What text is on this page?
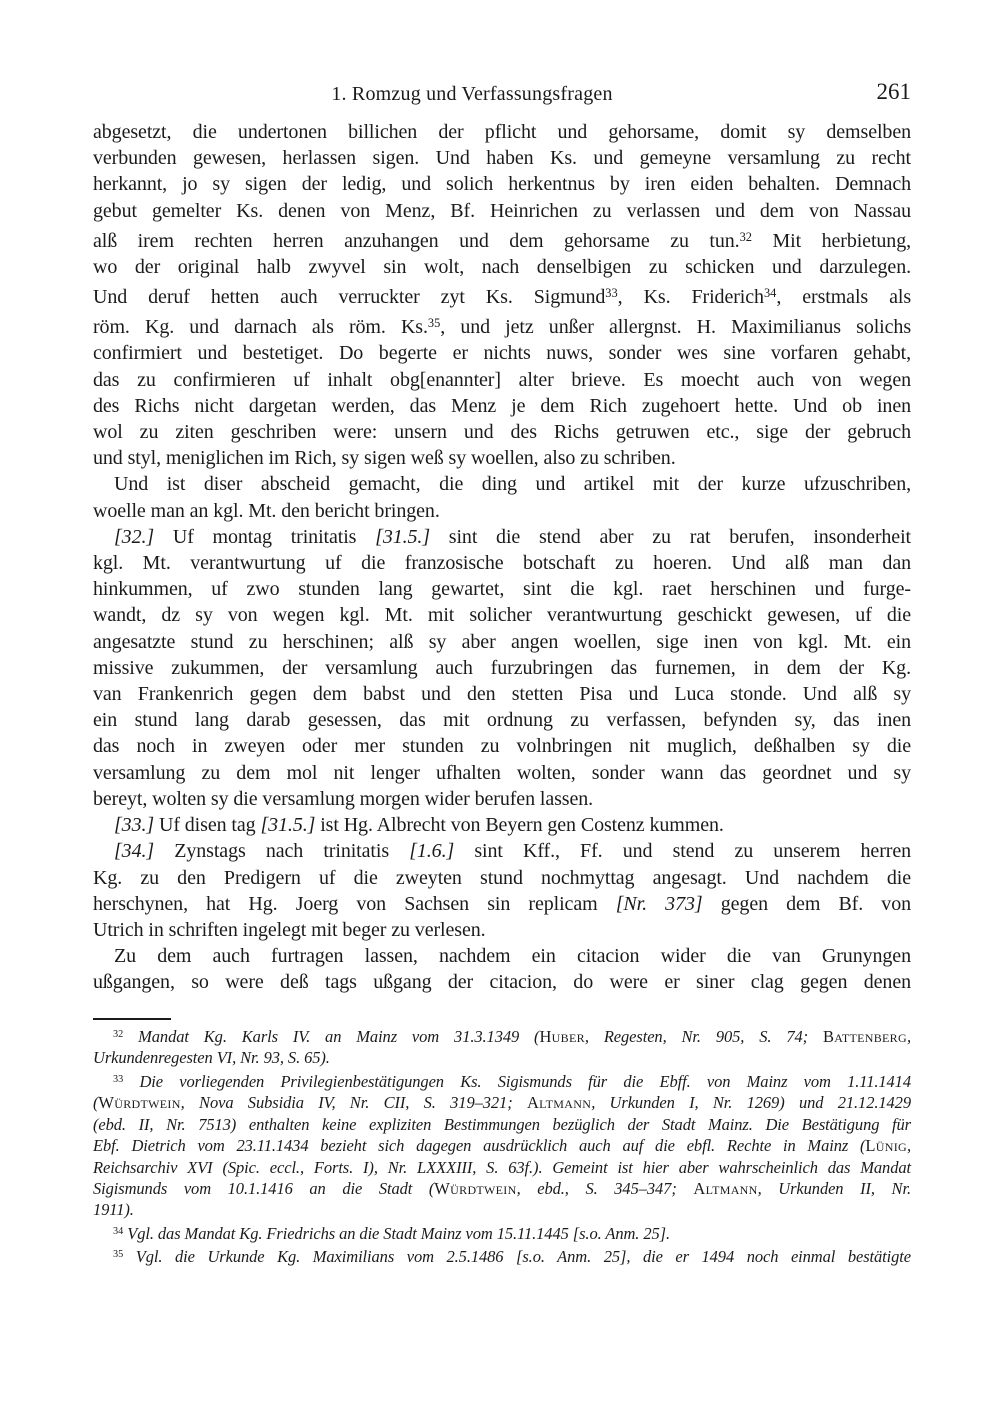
1. Romzug und Verfassungsfragen	261
abgesetzt, die undertonen billichen der pflicht und gehorsame, domit sy demselben
verbunden gewesen, herlassen sigen. Und haben Ks. und gemeyne versamlung zu recht
herkannt, jo sy sigen der ledig, und solich herkentnus by iren eiden behalten. Demnach
gebut gemelter Ks. denen von Menz, Bf. Heinrichen zu verlassen und dem von Nassau
alß irem rechten herren anzuhangen und dem gehorsame zu tun.$^{32}$ Mit herbietung,
wo der original halb zwyvel sin wolt, nach denselbigen zu schicken und darzulegen.
Und deruf hetten auch verruckter zyt Ks. Sigmund$^{33}$, Ks. Friderich$^{34}$, erstmals als
röm. Kg. und darnach als röm. Ks.$^{35}$, und jetz unßer allergnst. H. Maximilianus solichs
confirmiert und bestetiget. Do begerte er nichts nuws, sonder wes sine vorfaren gehabt,
das zu confirmieren uf inhalt obg[enannter] alter brieve. Es moecht auch von wegen
des Richs nicht dargetan werden, das Menz je dem Rich zugehoert hette. Und ob inen
wol zu ziten geschriben were: unsern und des Richs getruwen etc., sige der gebruch
und styl, meniglichen im Rich, sy sigen weß sy woellen, also zu schriben.
Und ist diser abscheid gemacht, die ding und artikel mit der kurze ufzuschriben,
woelle man an kgl. Mt. den bericht bringen.
[32.] Uf montag trinitatis [31.5.] sint die stend aber zu rat berufen, insonderheit
kgl. Mt. verantwurtung uf die franzosische botschaft zu hoeren. Und alß man dan
hinkummen, uf zwo stunden lang gewartet, sint die kgl. raet herschinen und furge-
wandt, dz sy von wegen kgl. Mt. mit solicher verantwurtung geschickt gewesen, uf die
angesatzte stund zu herschinen; alß sy aber angen woellen, sige inen von kgl. Mt. ein
missive zukummen, der versamlung auch furzubringen das furnemen, in dem der Kg.
van Frankenrich gegen dem babst und den stetten Pisa und Luca stonde. Und alß sy
ein stund lang darab gesessen, das mit ordnung zu verfassen, befynden sy, das inen
das noch in zweyen oder mer stunden zu volnbringen nit muglich, deßhalben sy die
versamlung zu dem mol nit lenger ufhalten wolten, sonder wann das geordnet und sy
bereyt, wolten sy die versamlung morgen wider berufen lassen.
[33.] Uf disen tag [31.5.] ist Hg. Albrecht von Beyern gen Costenz kummen.
[34.] Zynstags nach trinitatis [1.6.] sint Kff., Ff. und stend zu unserem herren
Kg. zu den Predigern uf die zweyten stund nochmyttag angesagt. Und nachdem die
herschynen, hat Hg. Joerg von Sachsen sin replicam [Nr. 373] gegen dem Bf. von
Utrich in schriften ingelegt mit beger zu verlesen.
Zu dem auch furtragen lassen, nachdem ein citacion wider die van Grunyngen
ußgangen, so were deß tags ußgang der citacion, do were er siner clag gegen denen
$^{32}$ Mandat Kg. Karls IV. an Mainz vom 31.3.1349 (Huber, Regesten, Nr. 905, S. 74; Battenberg,
Urkundenregesten VI, Nr. 93, S. 65).
$^{33}$ Die vorliegenden Privilegienbestätigungen Ks. Sigismunds für die Ebff. von Mainz vom 1.11.1414
(Würdtwein, Nova Subsidia IV, Nr. CII, S. 319–321; Altmann, Urkunden I, Nr. 1269) und 21.12.1429
(ebd. II, Nr. 7513) enthalten keine expliziten Bestimmungen bezüglich der Stadt Mainz. Die Bestätigung für
Ebf. Dietrich vom 23.11.1434 bezieht sich dagegen ausdrücklich auch auf die ebfl. Rechte in Mainz (Lünig,
Reichsarchiv XVI (Spic. eccl., Forts. I), Nr. LXXXIII, S. 63f.). Gemeint ist hier aber wahrscheinlich das Mandat
Sigismunds vom 10.1.1416 an die Stadt (Würdtwein, ebd., S. 345–347; Altmann, Urkunden II, Nr.
1911).
$^{34}$ Vgl. das Mandat Kg. Friedrichs an die Stadt Mainz vom 15.11.1445 [s.o. Anm. 25].
$^{35}$ Vgl. die Urkunde Kg. Maximilians vom 2.5.1486 [s.o. Anm. 25], die er 1494 noch einmal bestätigte
